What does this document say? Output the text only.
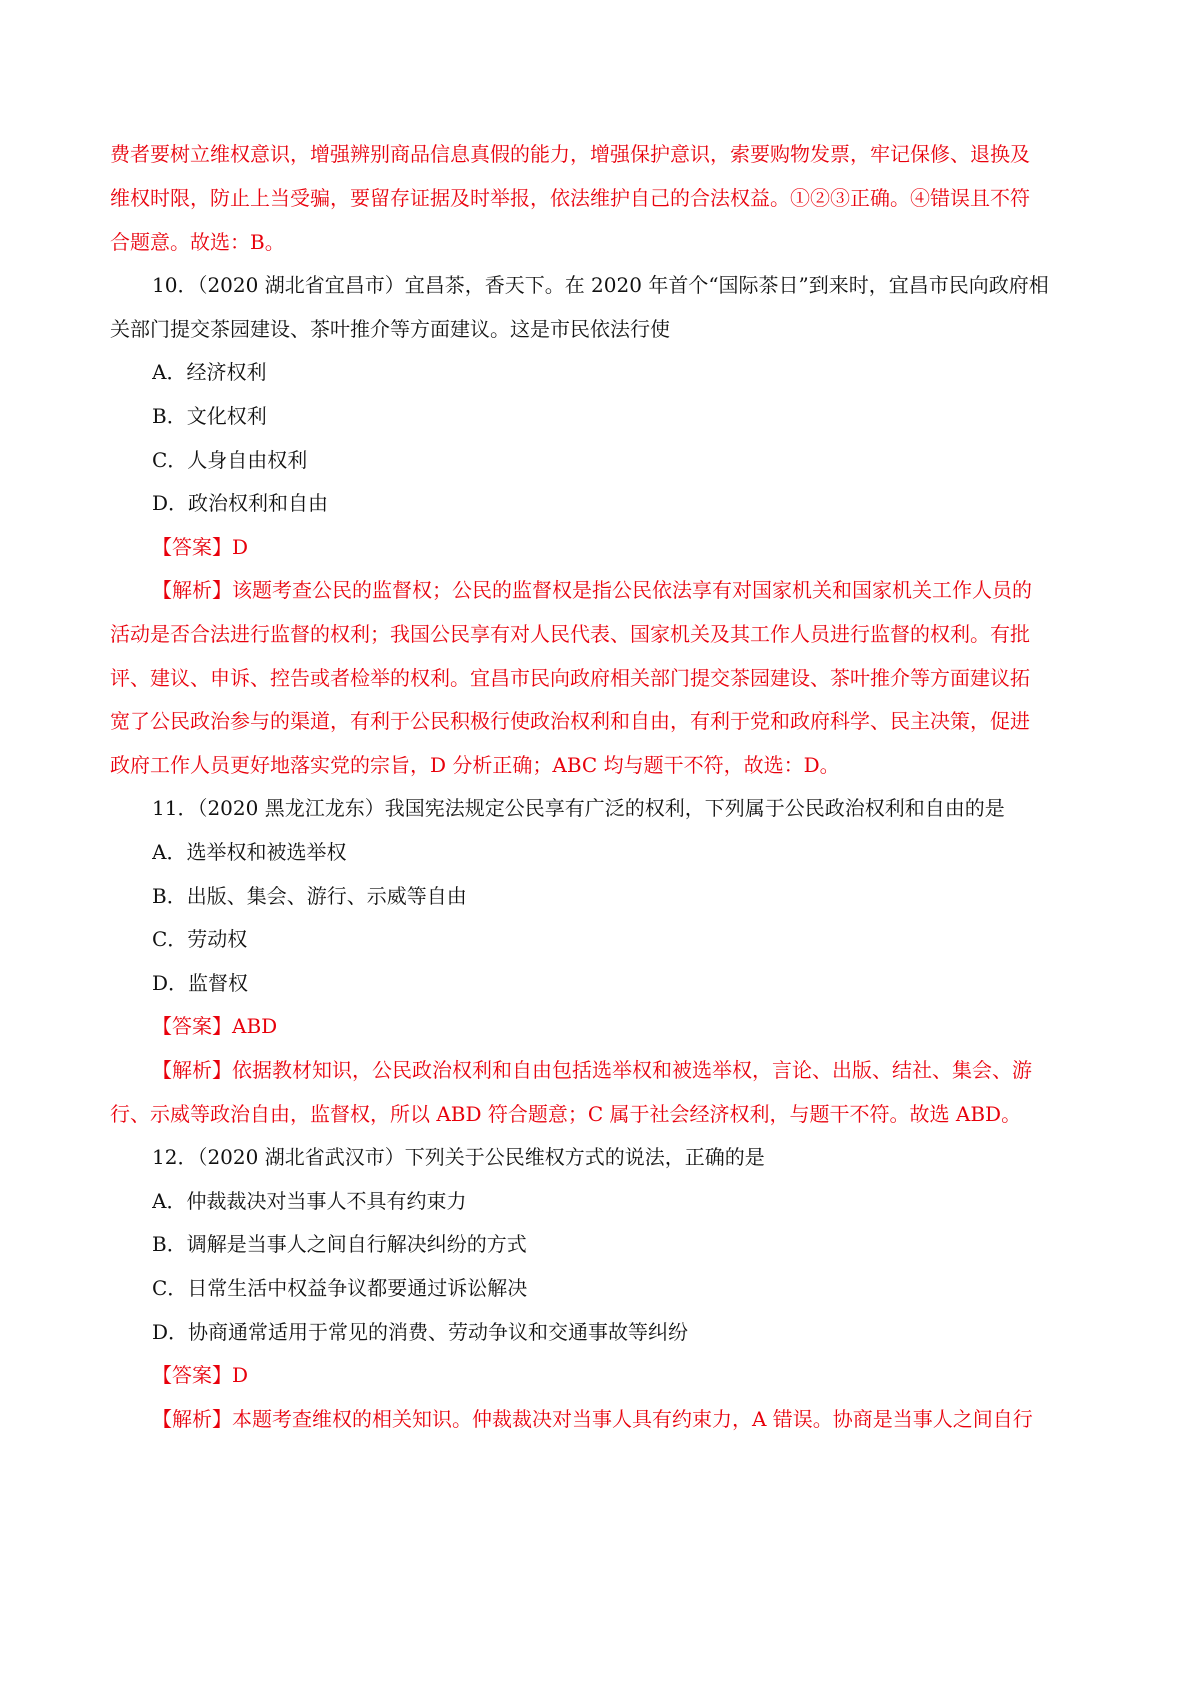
费者要树立维权意识，增强辨别商品信息真假的能力，增强保护意识，索要购物发票，牢记保修、退换及
维权时限，防止上当受骗，要留存证据及时举报，依法维护自己的合法权益。①②③正确。④错误且不符
合题意。故选：B。
10．（2020 湖北省宜昌市）宜昌茶，香天下。在 2020 年首个“国际茶日”到来时，宜昌市民向政府相
关部门提交茶园建设、茶叶推介等方面建议。这是市民依法行使
A．经济权利
B．文化权利
C．人身自由权利
D．政治权利和自由
【答案】D
【解析】该题考查公民的监督权；公民的监督权是指公民依法享有对国家机关和国家机关工作人员的
活动是否合法进行监督的权利；我国公民享有对人民代表、国家机关及其工作人员进行监督的权利。有批
评、建议、申诉、控告或者检举的权利。宜昌市民向政府相关部门提交茶园建设、茶叶推介等方面建议拓
宽了公民政治参与的渠道，有利于公民积极行使政治权利和自由，有利于党和政府科学、民主决策，促进
政府工作人员更好地落实党的宗旨，D 分析正确；ABC 均与题干不符，故选：D。
11．（2020 黑龙江龙东）我国宪法规定公民享有广泛的权利，下列属于公民政治权利和自由的是
A．选举权和被选举权
B．出版、集会、游行、示威等自由
C．劳动权
D．监督权
【答案】ABD
【解析】依据教材知识，公民政治权利和自由包括选举权和被选举权，言论、出版、结社、集会、游
行、示威等政治自由，监督权，所以 ABD 符合题意；C 属于社会经济权利，与题干不符。故选 ABD。
12．（2020 湖北省武汉市）下列关于公民维权方式的说法，正确的是
A．仲裁裁决对当事人不具有约束力
B．调解是当事人之间自行解决纠纷的方式
C．日常生活中权益争议都要通过诉讼解决
D．协商通常适用于常见的消费、劳动争议和交通事故等纠纷
【答案】D
【解析】本题考查维权的相关知识。仲裁裁决对当事人具有约束力，A 错误。协商是当事人之间自行
